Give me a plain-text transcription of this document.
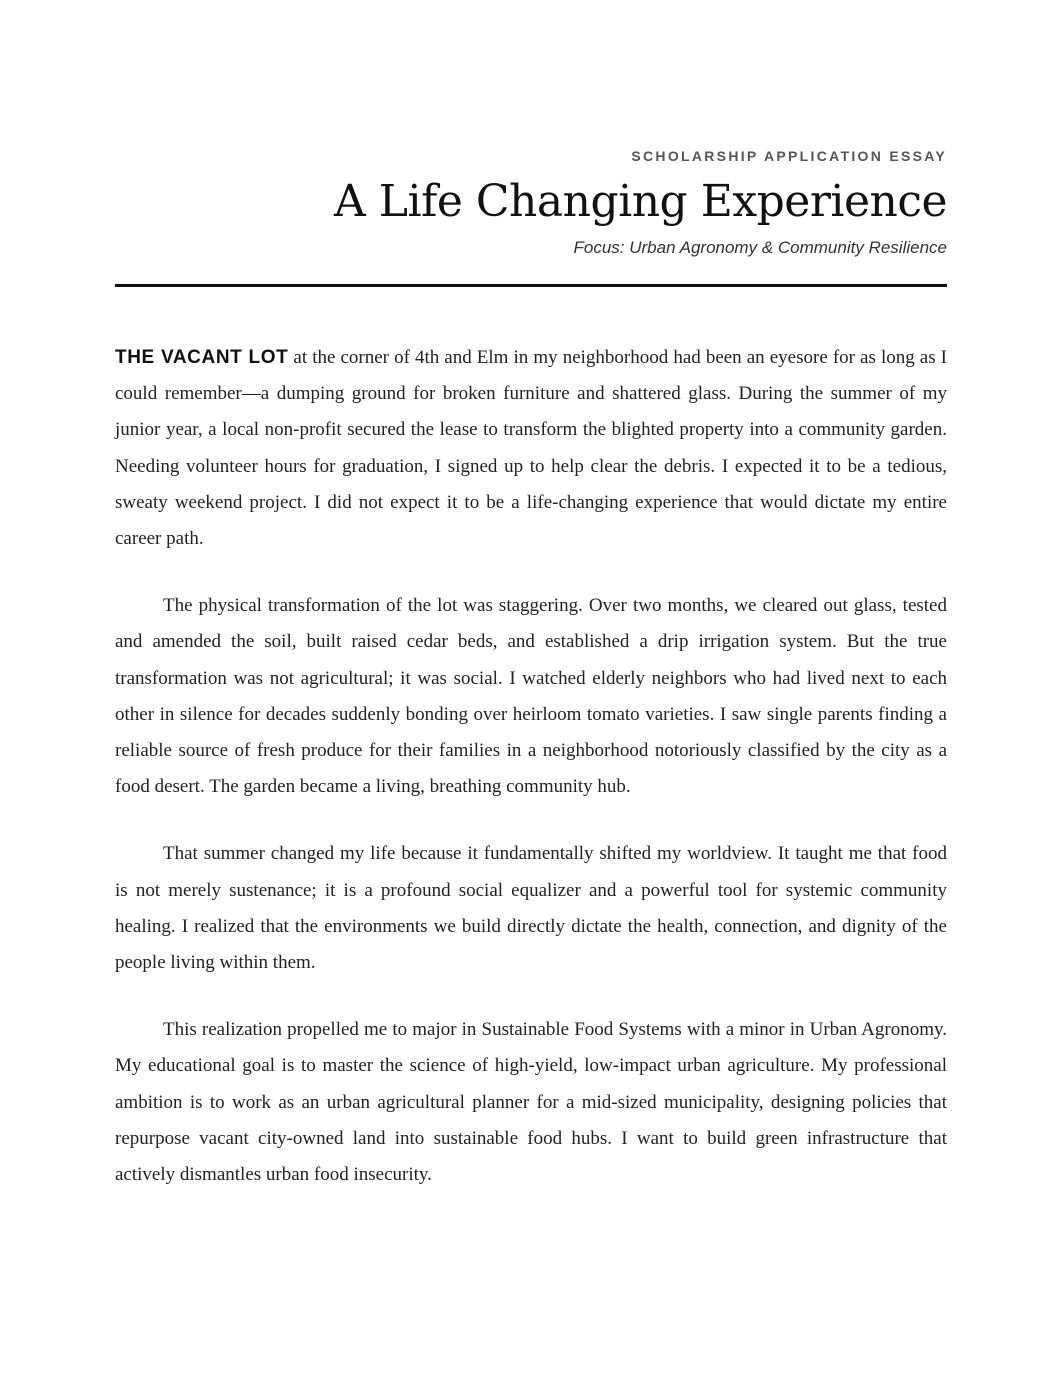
SCHOLARSHIP APPLICATION ESSAY

A Life Changing Experience

Focus: Urban Agronomy & Community Resilience

THE VACANT LOT at the corner of 4th and Elm in my neighborhood had been an eyesore for as long as I could remember—a dumping ground for broken furniture and shattered glass. During the summer of my junior year, a local non-profit secured the lease to transform the blighted property into a community garden. Needing volunteer hours for graduation, I signed up to help clear the debris. I expected it to be a tedious, sweaty weekend project. I did not expect it to be a life-changing experience that would dictate my entire career path.

The physical transformation of the lot was staggering. Over two months, we cleared out glass, tested and amended the soil, built raised cedar beds, and established a drip irrigation system. But the true transformation was not agricultural; it was social. I watched elderly neighbors who had lived next to each other in silence for decades suddenly bonding over heirloom tomato varieties. I saw single parents finding a reliable source of fresh produce for their families in a neighborhood notoriously classified by the city as a food desert. The garden became a living, breathing community hub.

That summer changed my life because it fundamentally shifted my worldview. It taught me that food is not merely sustenance; it is a profound social equalizer and a powerful tool for systemic community healing. I realized that the environments we build directly dictate the health, connection, and dignity of the people living within them.

This realization propelled me to major in Sustainable Food Systems with a minor in Urban Agronomy. My educational goal is to master the science of high-yield, low-impact urban agriculture. My professional ambition is to work as an urban agricultural planner for a mid-sized municipality, designing policies that repurpose vacant city-owned land into sustainable food hubs. I want to build green infrastructure that actively dismantles urban food insecurity.
